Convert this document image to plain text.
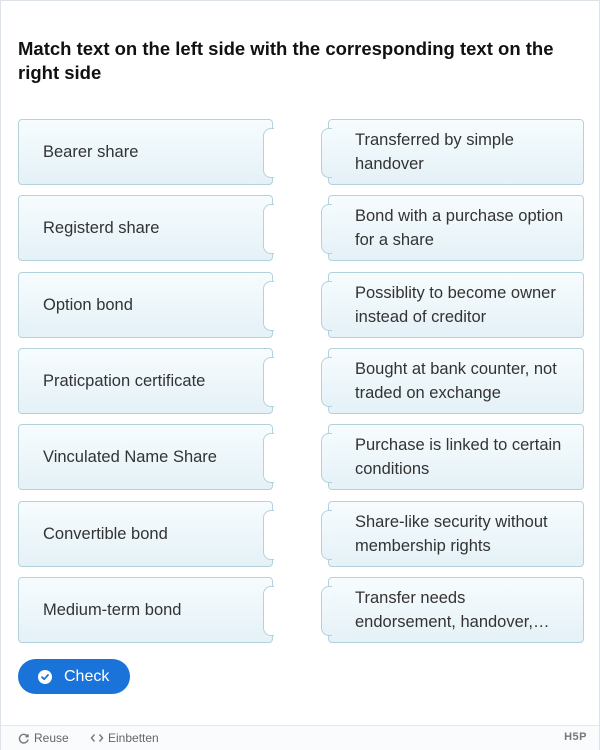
Match text on the left side with the corresponding text on the right side
Bearer share
Registerd share
Option bond
Praticpation certificate
Vinculated Name Share
Convertible bond
Medium-term bond
Transferred by simple handover
Bond with a purchase option for a share
Possiblity to become owner instead of creditor
Bought at bank counter, not traded on exchange
Purchase is linked to certain conditions
Share-like security without membership rights
Transfer needs endorsement, handover,…
Check
Reuse	Einbetten	H5P
